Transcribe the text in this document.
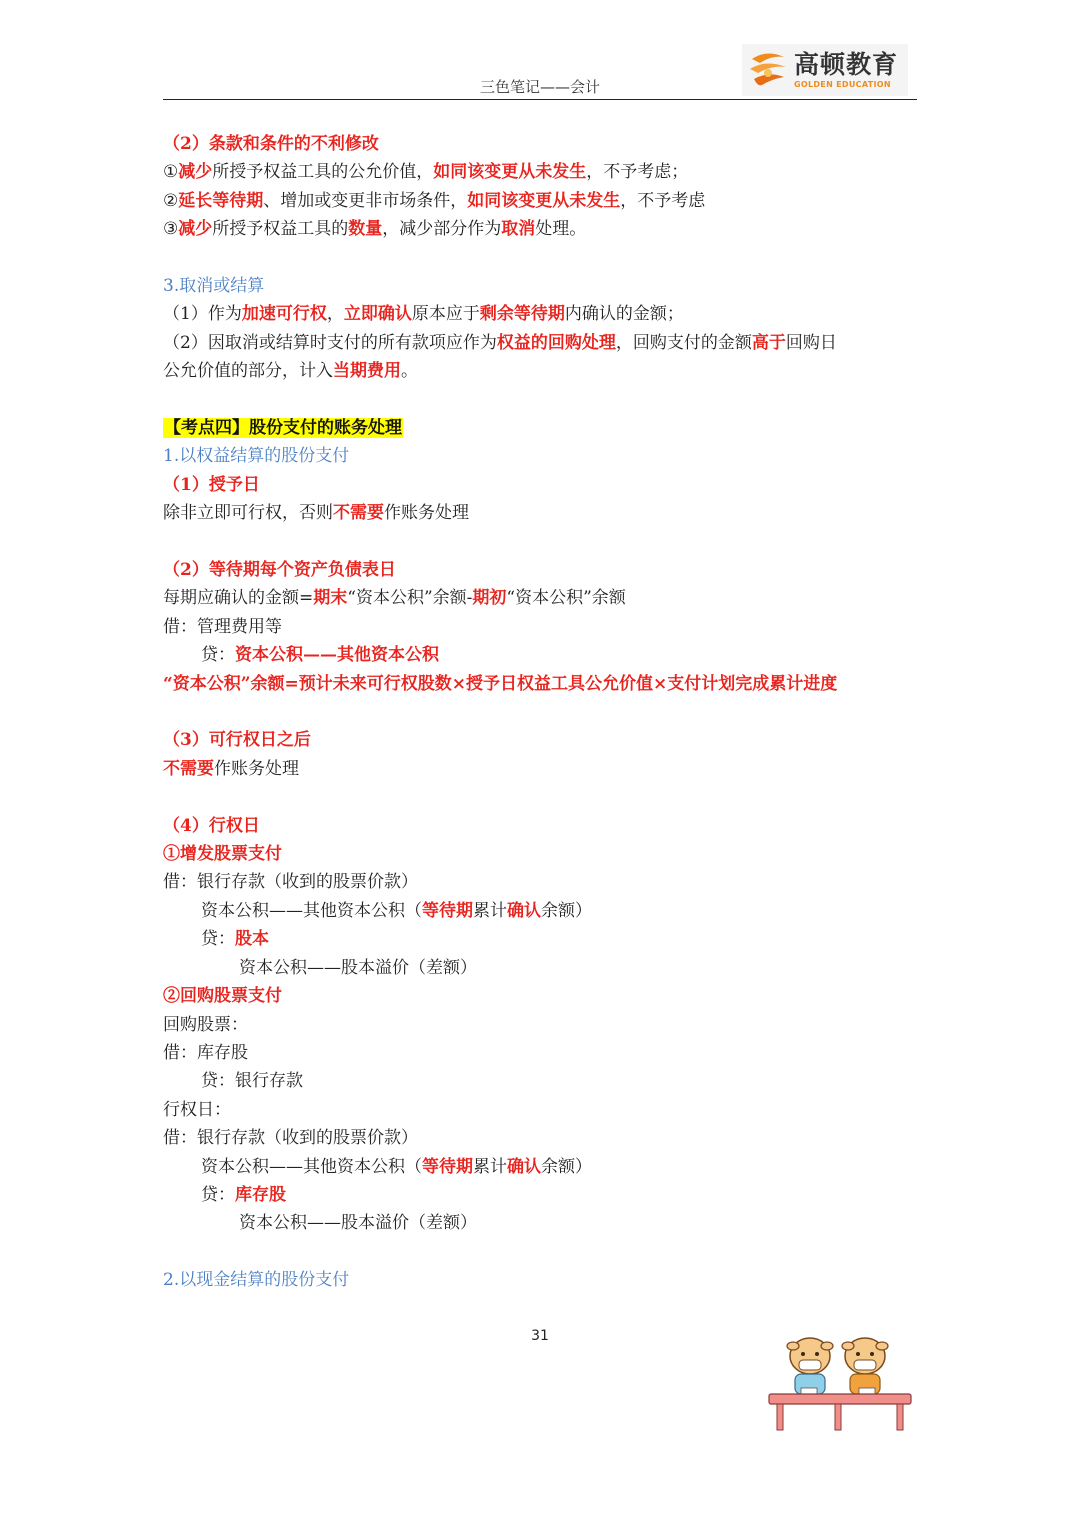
三色笔记——会计
高顿教育
GOLDEN EDUCATION
（2）条款和条件的不利修改
①减少所授予权益工具的公允价值，如同该变更从未发生，不予考虑；
②延长等待期、增加或变更非市场条件，如同该变更从未发生，不予考虑
③减少所授予权益工具的数量，减少部分作为取消处理。
3.取消或结算
（1）作为加速可行权，立即确认原本应于剩余等待期内确认的金额；
（2）因取消或结算时支付的所有款项应作为权益的回购处理，回购支付的金额高于回购日
公允价值的部分，计入当期费用。
【考点四】股份支付的账务处理
1.以权益结算的股份支付
（1）授予日
除非立即可行权，否则不需要作账务处理
（2）等待期每个资产负债表日
每期应确认的金额=期末“资本公积”余额-期初“资本公积”余额
借：管理费用等
贷：资本公积——其他资本公积
“资本公积”余额=预计未来可行权股数×授予日权益工具公允价值×支付计划完成累计进度
（3）可行权日之后
不需要作账务处理
（4）行权日
①增发股票支付
借：银行存款（收到的股票价款）
资本公积——其他资本公积（等待期累计确认余额）
贷：股本
资本公积——股本溢价（差额）
②回购股票支付
回购股票：
借：库存股
贷：银行存款
行权日：
借：银行存款（收到的股票价款）
资本公积——其他资本公积（等待期累计确认余额）
贷：库存股
资本公积——股本溢价（差额）
2.以现金结算的股份支付
31
